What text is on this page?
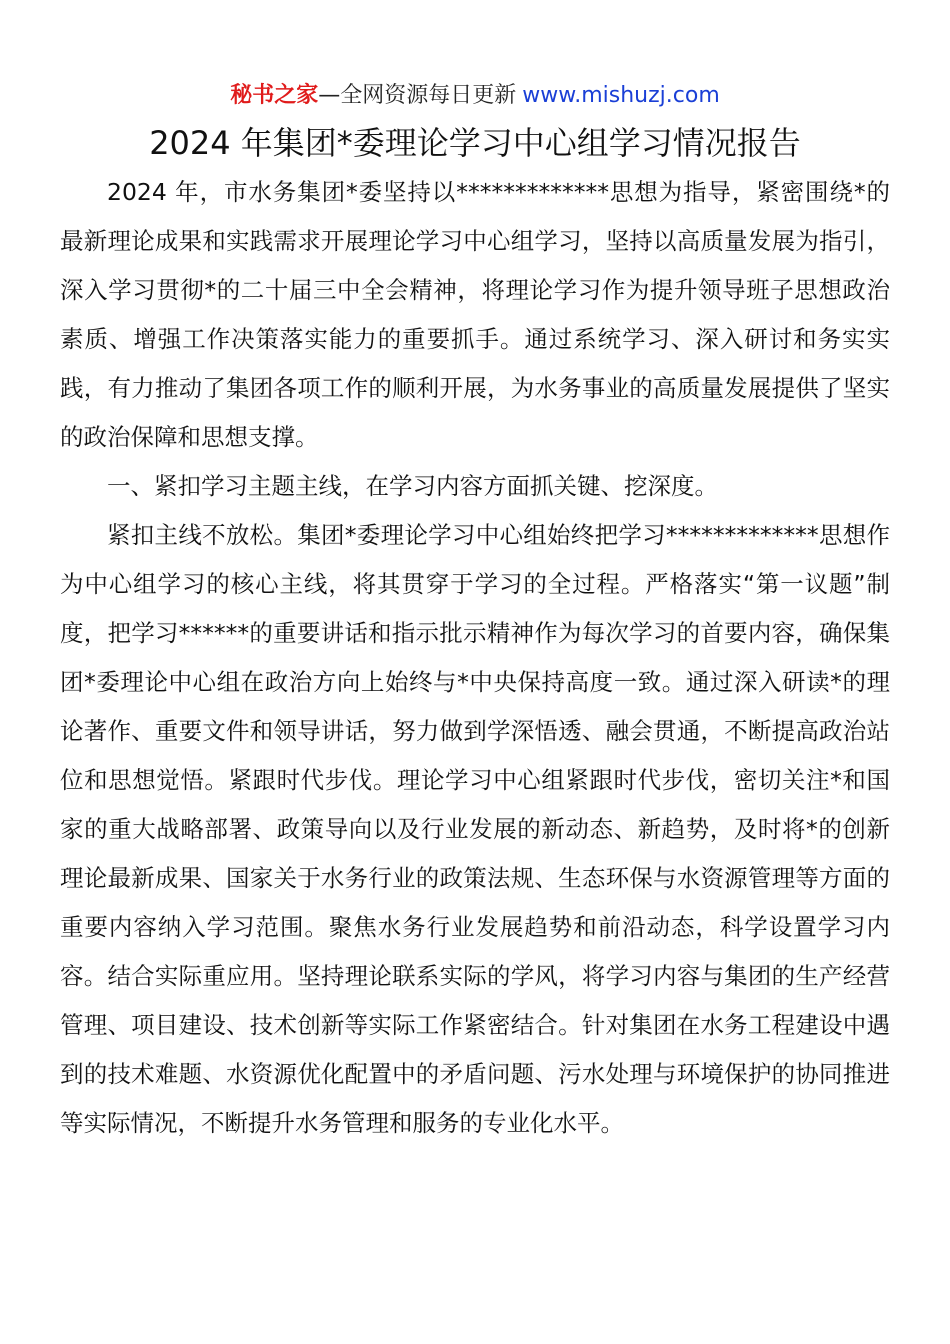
秘书之家—全网资源每日更新 www.mishuzj.com
2024 年集团*委理论学习中心组学习情况报告

2024 年，市水务集团*委坚持以*************思想为指导，紧密围绕*的最新理论成果和实践需求开展理论学习中心组学习，坚持以高质量发展为指引，深入学习贯彻*的二十届三中全会精神，将理论学习作为提升领导班子思想政治素质、增强工作决策落实能力的重要抓手。通过系统学习、深入研讨和务实实践，有力推动了集团各项工作的顺利开展，为水务事业的高质量发展提供了坚实的政治保障和思想支撑。

一、紧扣学习主题主线，在学习内容方面抓关键、挖深度。

紧扣主线不放松。集团*委理论学习中心组始终把学习*************思想作为中心组学习的核心主线，将其贯穿于学习的全过程。严格落实“第一议题”制度，把学习******的重要讲话和指示批示精神作为每次学习的首要内容，确保集团*委理论中心组在政治方向上始终与*中央保持高度一致。通过深入研读*的理论著作、重要文件和领导讲话，努力做到学深悟透、融会贯通，不断提高政治站位和思想觉悟。紧跟时代步伐。理论学习中心组紧跟时代步伐，密切关注*和国家的重大战略部署、政策导向以及行业发展的新动态、新趋势，及时将*的创新理论最新成果、国家关于水务行业的政策法规、生态环保与水资源管理等方面的重要内容纳入学习范围。聚焦水务行业发展趋势和前沿动态，科学设置学习内容。结合实际重应用。坚持理论联系实际的学风，将学习内容与集团的生产经营管理、项目建设、技术创新等实际工作紧密结合。针对集团在水务工程建设中遇到的技术难题、水资源优化配置中的矛盾问题、污水处理与环境保护的协同推进等实际情况，不断提升水务管理和服务的专业化水平。
